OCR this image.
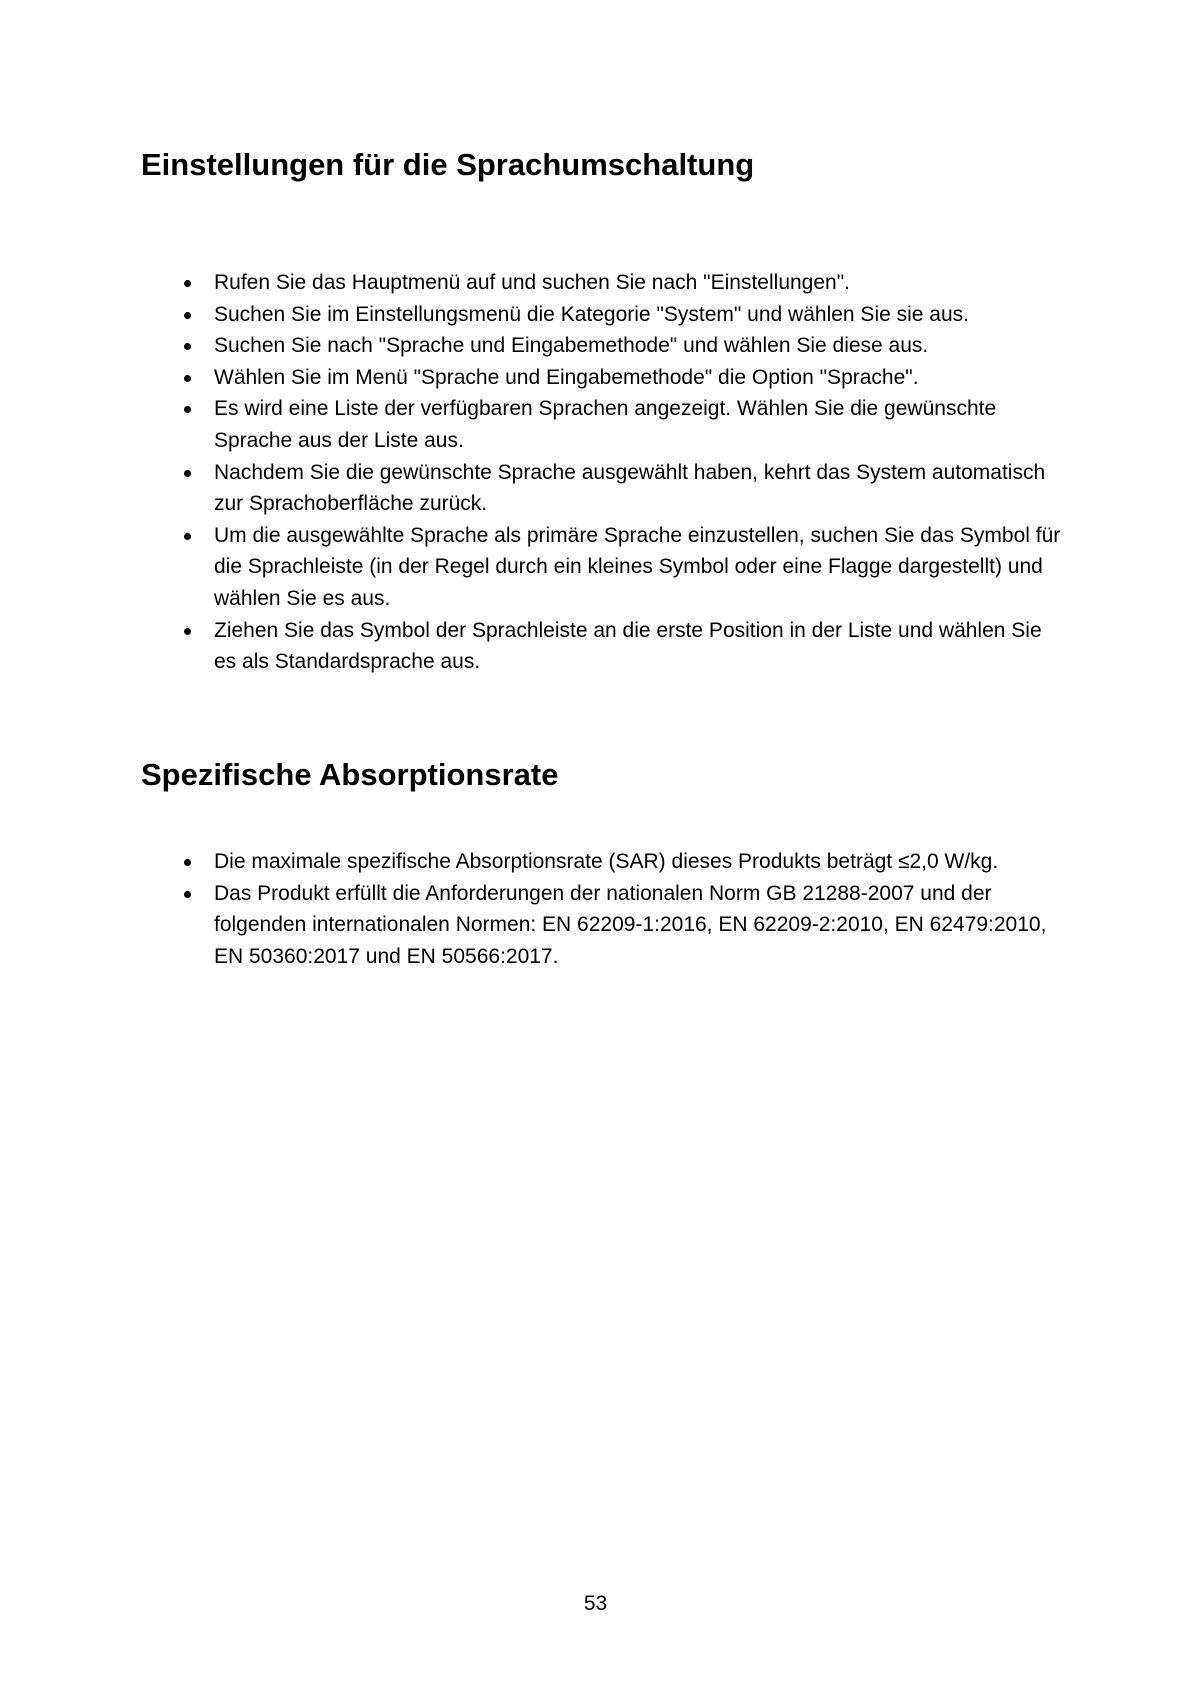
Einstellungen für die Sprachumschaltung
Rufen Sie das Hauptmenü auf und suchen Sie nach "Einstellungen".
Suchen Sie im Einstellungsmenü die Kategorie "System" und wählen Sie sie aus.
Suchen Sie nach "Sprache und Eingabemethode" und wählen Sie diese aus.
Wählen Sie im Menü "Sprache und Eingabemethode" die Option "Sprache".
Es wird eine Liste der verfügbaren Sprachen angezeigt. Wählen Sie die gewünschte Sprache aus der Liste aus.
Nachdem Sie die gewünschte Sprache ausgewählt haben, kehrt das System automatisch zur Sprachoberfläche zurück.
Um die ausgewählte Sprache als primäre Sprache einzustellen, suchen Sie das Symbol für die Sprachleiste (in der Regel durch ein kleines Symbol oder eine Flagge dargestellt) und wählen Sie es aus.
Ziehen Sie das Symbol der Sprachleiste an die erste Position in der Liste und wählen Sie es als Standardsprache aus.
Spezifische Absorptionsrate
Die maximale spezifische Absorptionsrate (SAR) dieses Produkts beträgt ≤2,0 W/kg.
Das Produkt erfüllt die Anforderungen der nationalen Norm GB 21288-2007 und der folgenden internationalen Normen: EN 62209-1:2016, EN 62209-2:2010, EN 62479:2010, EN 50360:2017 und EN 50566:2017.
53
